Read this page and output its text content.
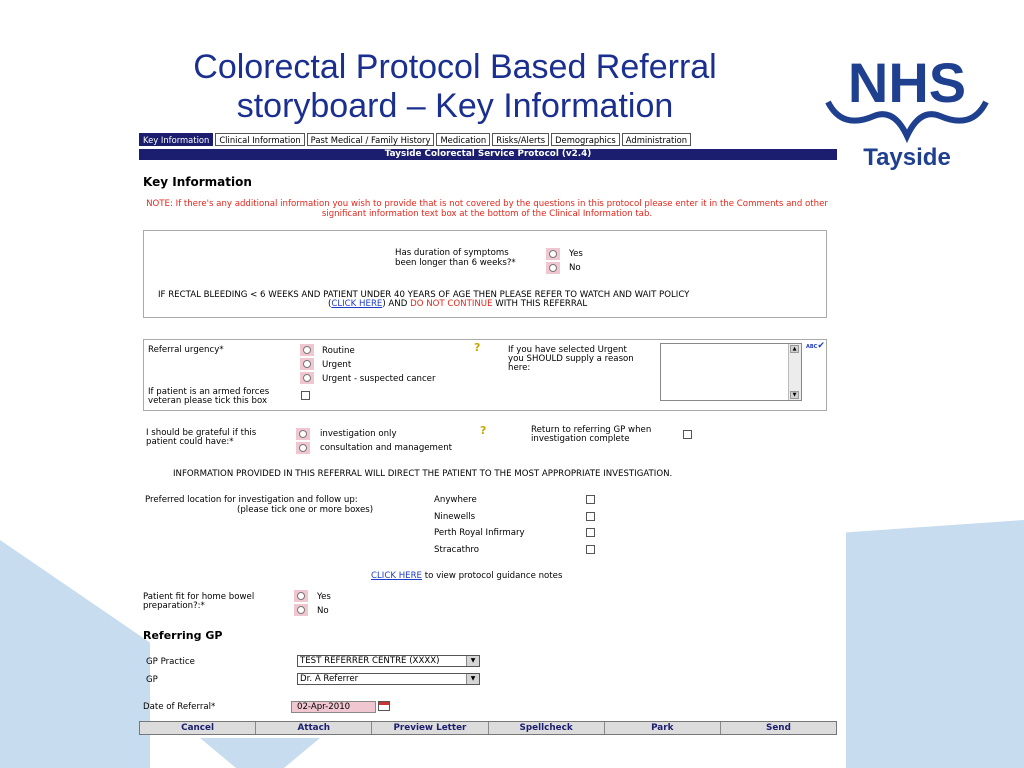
Colorectal Protocol Based Referral
storyboard – Key Information	NHS
Tayside
Key Information	Clinical Information	Past Medical / Family History	Medication	Risks/Alerts	Demographics	Administration
Tayside Colorectal Service Protocol (v2.4)
Key Information
NOTE: If there's any additional information you wish to provide that is not covered by the questions in this protocol please enter it in the Comments and other significant information text box at the bottom of the Clinical Information tab.
Has duration of symptoms
been longer than 6 weeks?*
Yes
No
IF RECTAL BLEEDING < 6 WEEKS AND PATIENT UNDER 40 YEARS OF AGE THEN PLEASE REFER TO WATCH AND WAIT POLICY
(CLICK HERE) AND DO NOT CONTINUE WITH THIS REFERRAL
Referral urgency*	Routine
Urgent
Urgent - suspected cancer
?	If you have selected Urgent
you SHOULD supply a reason
here:
▲
▼
ABC✔
If patient is an armed forces
veteran please tick this box
I should be grateful if this
patient could have:*
investigation only
consultation and management
?	Return to referring GP when
investigation complete
INFORMATION PROVIDED IN THIS REFERRAL WILL DIRECT THE PATIENT TO THE MOST APPROPRIATE INVESTIGATION.
Preferred location for investigation and follow up:
(please tick one or more boxes)
Anywhere
Ninewells
Perth Royal Infirmary
Stracathro
CLICK HERE to view protocol guidance notes
Patient fit for home bowel
preparation?:*
Yes
No
Referring GP
GP Practice	TEST REFERRER CENTRE (XXXX)	▼
GP	Dr. A Referrer	▼
Date of Referral*	02-Apr-2010
Cancel	Attach	Preview Letter	Spellcheck	Park	Send
